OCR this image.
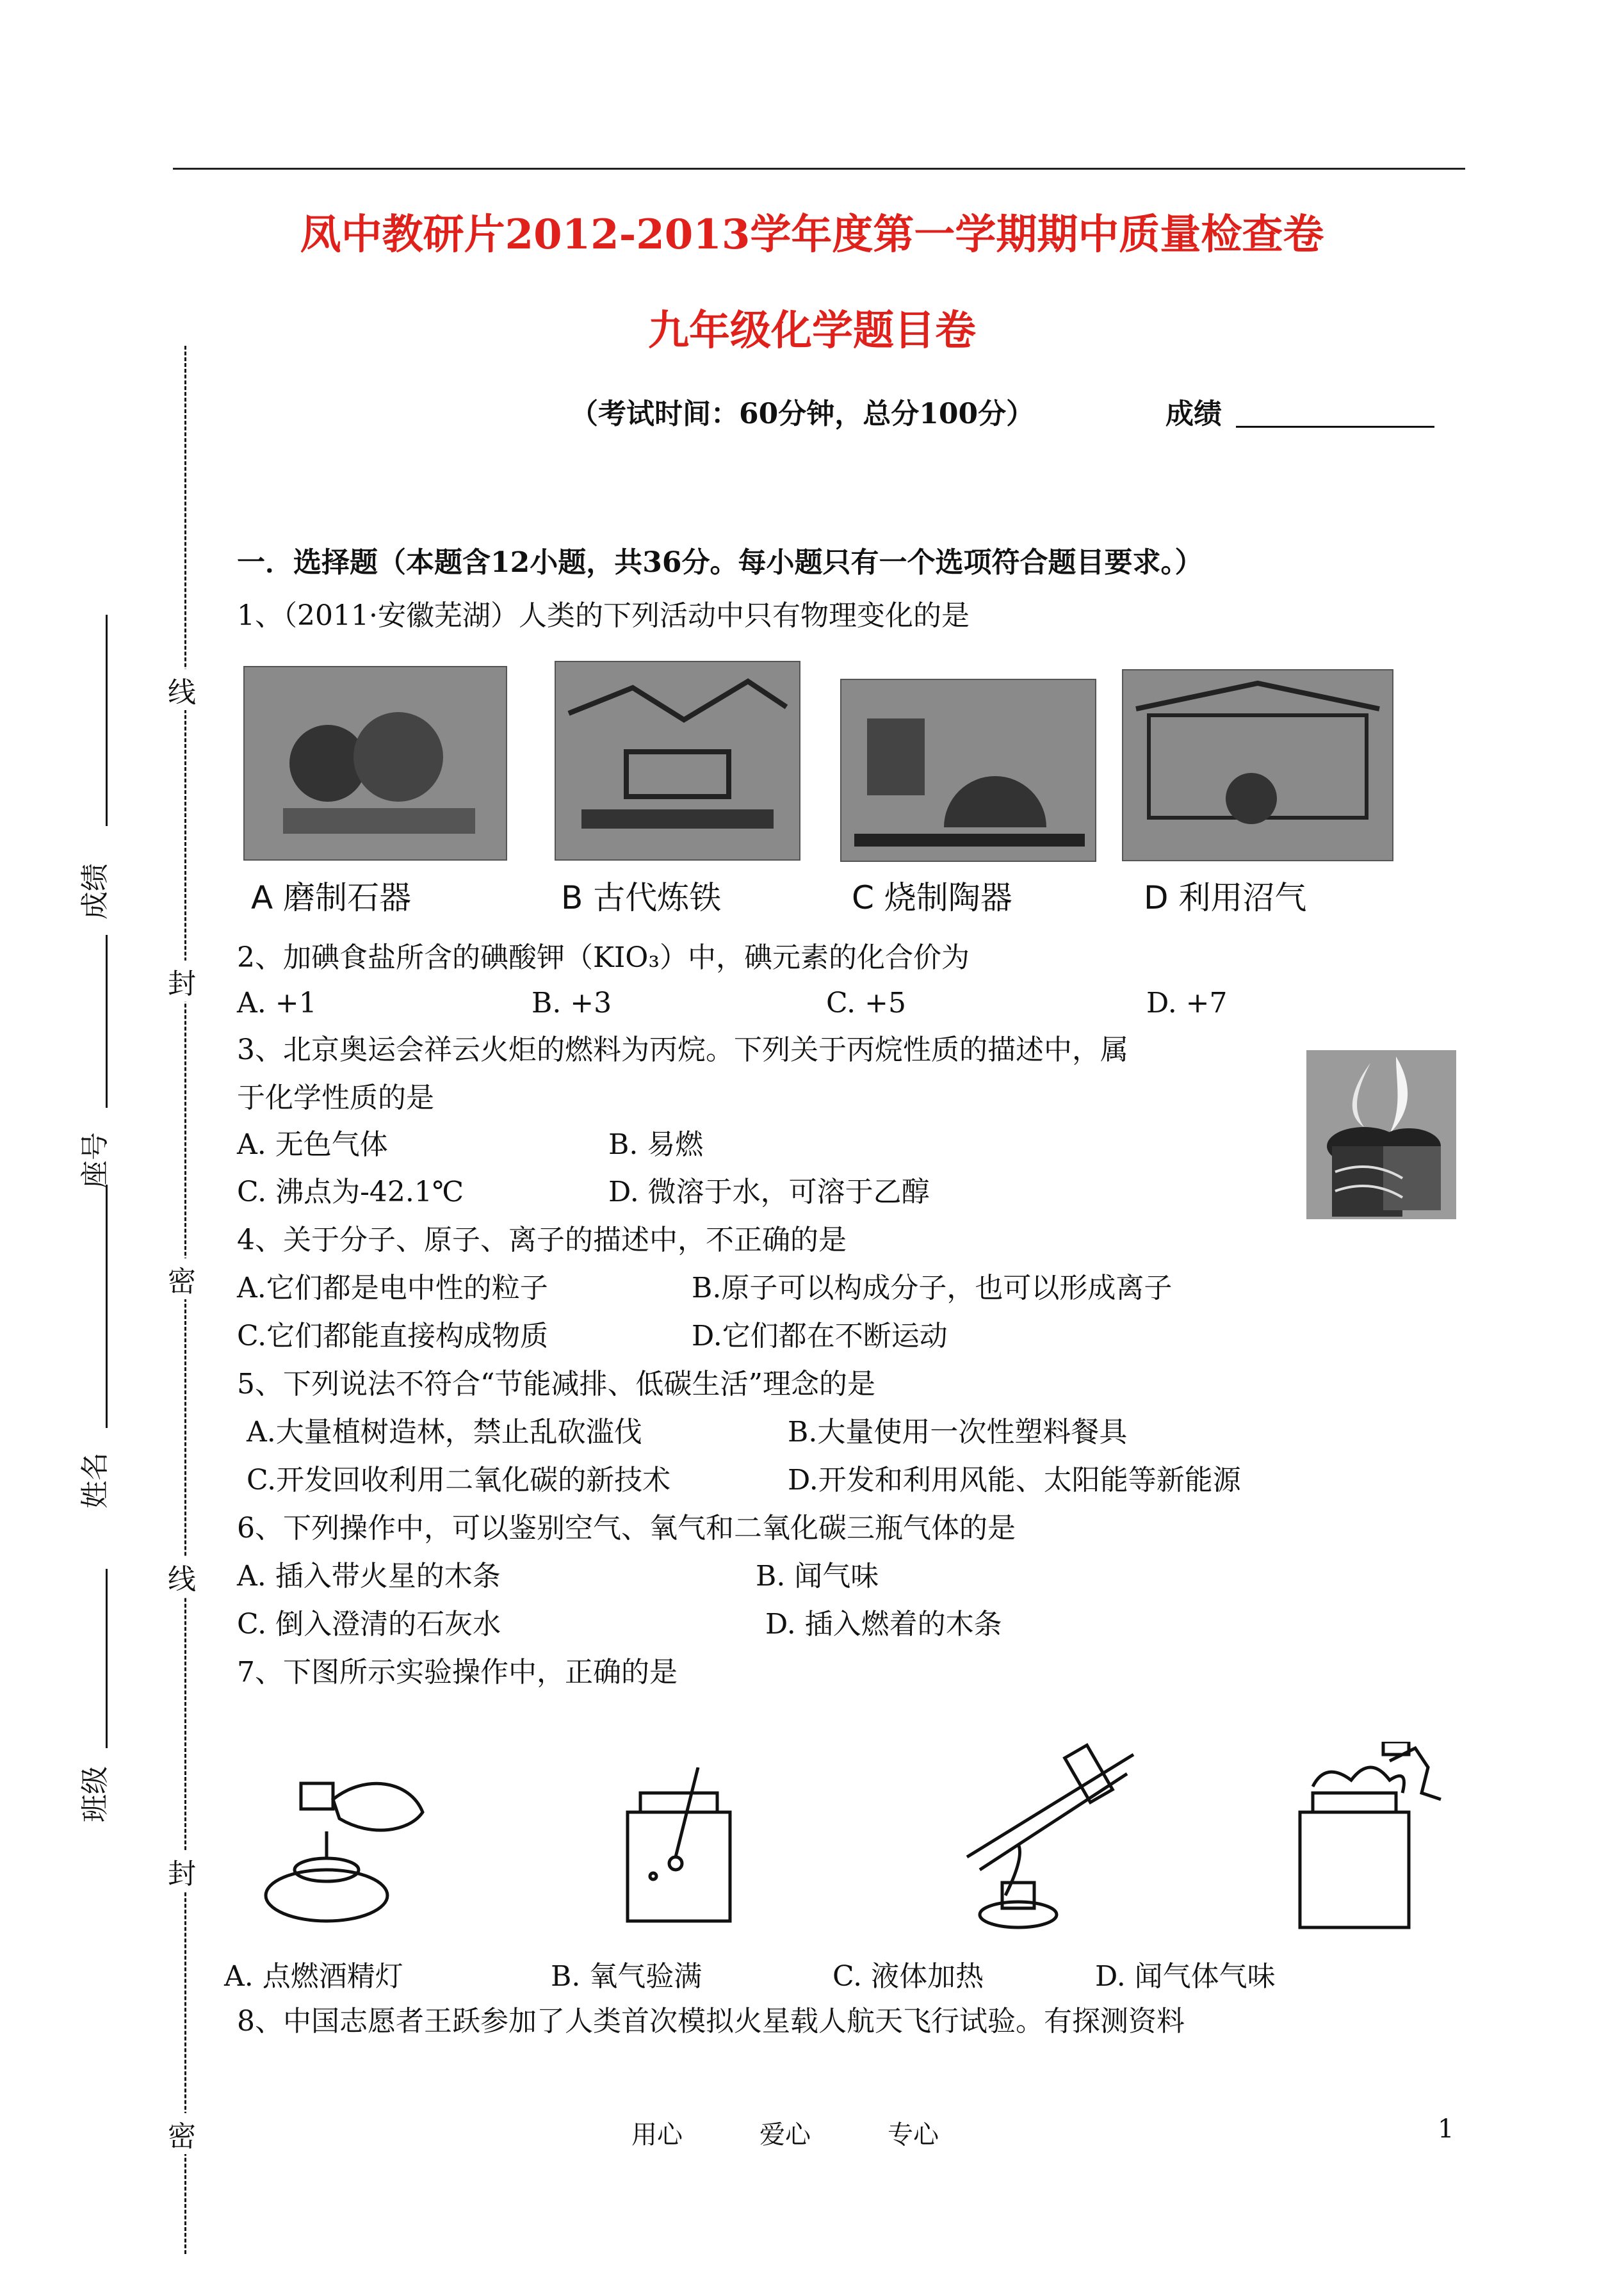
凤中教研片2012-2013学年度第一学期期中质量检查卷
九年级化学题目卷
（考试时间：60分钟，总分100分）	成绩
线
封
密
线
封
密
成绩
座号
姓名
班级
一．选择题（本题含12小题，共36分。每小题只有一个选项符合题目要求。）
1、（2011·安徽芜湖）人类的下列活动中只有物理变化的是
A 磨制石器	B 古代炼铁	C 烧制陶器	D 利用沼气
2、加碘食盐所含的碘酸钾（KIO₃）中，碘元素的化合价为
A. +1	B. +3	C. +5	D. +7
3、北京奥运会祥云火炬的燃料为丙烷。下列关于丙烷性质的描述中，属
于化学性质的是
A. 无色气体	B. 易燃
C. 沸点为-42.1℃	D. 微溶于水，可溶于乙醇
4、关于分子、原子、离子的描述中，不正确的是
A.它们都是电中性的粒子	B.原子可以构成分子，也可以形成离子
C.它们都能直接构成物质	D.它们都在不断运动
5、下列说法不符合“节能减排、低碳生活”理念的是
A.大量植树造林，禁止乱砍滥伐	B.大量使用一次性塑料餐具
C.开发回收利用二氧化碳的新技术	D.开发和利用风能、太阳能等新能源
6、下列操作中，可以鉴别空气、氧气和二氧化碳三瓶气体的是
A. 插入带火星的木条	B. 闻气味
C. 倒入澄清的石灰水	D. 插入燃着的木条
7、下图所示实验操作中，正确的是
A. 点燃酒精灯	B. 氧气验满	C. 液体加热	D. 闻气体气味
8、中国志愿者王跃参加了人类首次模拟火星载人航天飞行试验。有探测资料
用心	爱心	专心	1
